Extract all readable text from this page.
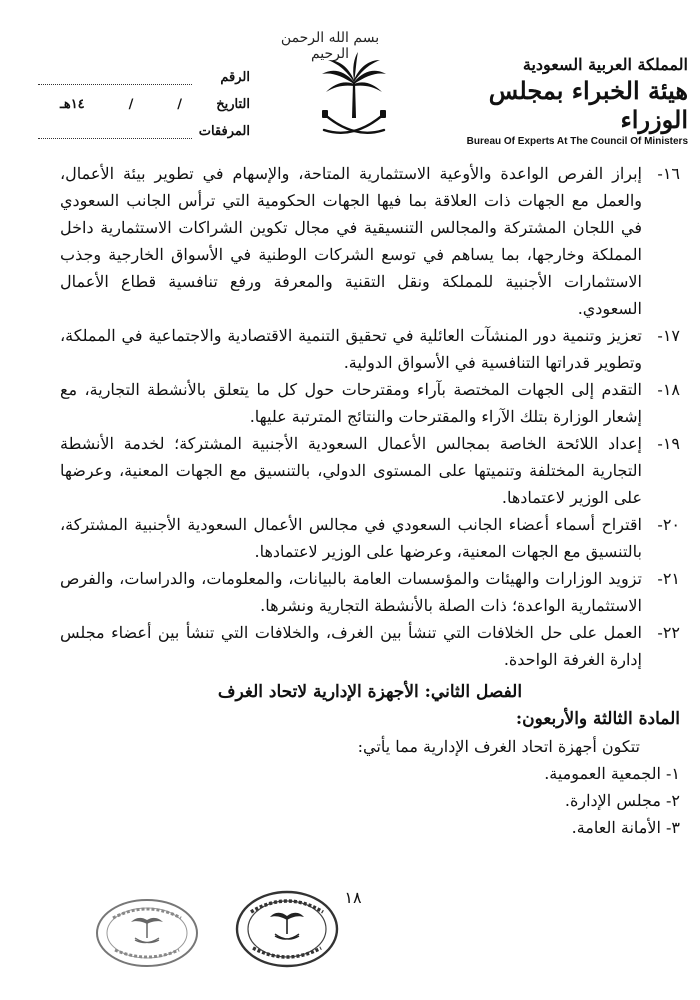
بسم الله الرحمن الرحيم
المملكة العربية السعودية
هيئة الخبراء بمجلس الوزراء
Bureau Of Experts At The Council Of Ministers
الرقم
التاريخ
/
/
١٤هـ
المرفقات
١٦-
إبراز الفرص الواعدة والأوعية الاستثمارية المتاحة، والإسهام في تطوير بيئة الأعمال، والعمل مع الجهات ذات العلاقة بما فيها الجهات الحكومية التي ترأس الجانب السعودي في اللجان المشتركة والمجالس التنسيقية في مجال تكوين الشراكات الاستثمارية داخل المملكة وخارجها، بما يساهم في توسع الشركات الوطنية في الأسواق الخارجية وجذب الاستثمارات الأجنبية للمملكة ونقل التقنية والمعرفة ورفع تنافسية قطاع الأعمال السعودي.
١٧-
تعزيز وتنمية دور المنشآت العائلية في تحقيق التنمية الاقتصادية والاجتماعية في المملكة، وتطوير قدراتها التنافسية في الأسواق الدولية.
١٨-
التقدم إلى الجهات المختصة بآراء ومقترحات حول كل ما يتعلق بالأنشطة التجارية، مع إشعار الوزارة بتلك الآراء والمقترحات والنتائج المترتبة عليها.
١٩-
إعداد اللائحة الخاصة بمجالس الأعمال السعودية الأجنبية المشتركة؛ لخدمة الأنشطة التجارية المختلفة وتنميتها على المستوى الدولي، بالتنسيق مع الجهات المعنية، وعرضها على الوزير لاعتمادها.
٢٠-
اقتراح أسماء أعضاء الجانب السعودي في مجالس الأعمال السعودية الأجنبية المشتركة، بالتنسيق مع الجهات المعنية، وعرضها على الوزير لاعتمادها.
٢١-
تزويد الوزارات والهيئات والمؤسسات العامة بالبيانات، والمعلومات، والدراسات، والفرص الاستثمارية الواعدة؛ ذات الصلة بالأنشطة التجارية ونشرها.
٢٢-
العمل على حل الخلافات التي تنشأ بين الغرف، والخلافات التي تنشأ بين أعضاء مجلس إدارة الغرفة الواحدة.
الفصل الثاني: الأجهزة الإدارية لاتحاد الغرف
المادة الثالثة والأربعون:
تتكون أجهزة اتحاد الغرف الإدارية مما يأتي:
١- الجمعية العمومية.
٢- مجلس الإدارة.
٣- الأمانة العامة.
١٨
